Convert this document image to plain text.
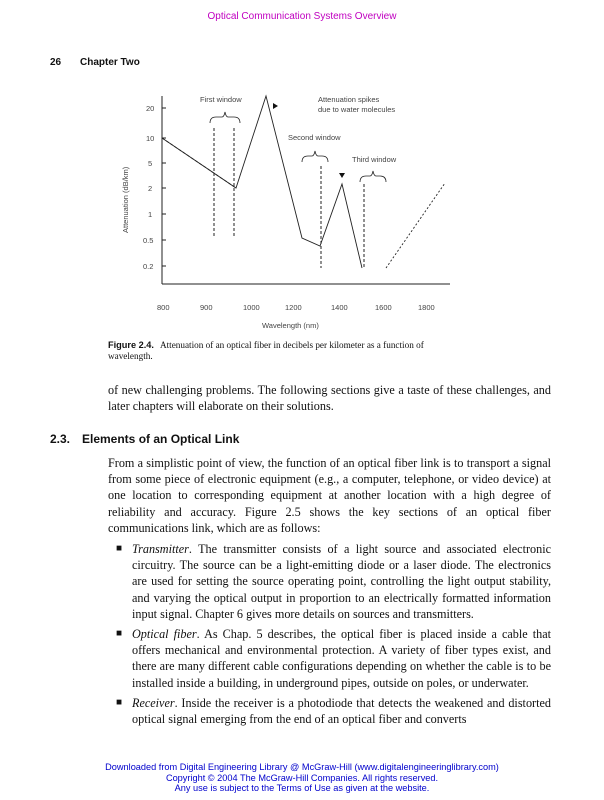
Optical Communication Systems Overview
26 Chapter Two
20
10
5
2
1
0.5
0.2
Attenuation (dB/km)
800	900	1000	1200	1400	1600	1800
Wavelength (nm)
First window	Attenuation spikes
due to water molecules
Second window
Third window
Figure 2.4. Attenuation of an optical fiber in decibels per kilometer as a function of wavelength.

of new challenging problems. The following sections give a taste of these challenges, and later chapters will elaborate on their solutions.

2.3. Elements of an Optical Link

From a simplistic point of view, the function of an optical fiber link is to transport a signal from some piece of electronic equipment (e.g., a computer, telephone, or video device) at one location to corresponding equipment at another location with a high degree of reliability and accuracy. Figure 2.5 shows the key sections of an optical fiber communications link, which are as follows:

■ Transmitter. The transmitter consists of a light source and associated electronic circuitry. The source can be a light-emitting diode or a laser diode. The electronics are used for setting the source operating point, controlling the light output stability, and varying the optical output in proportion to an electrically formatted information input signal. Chapter 6 gives more details on sources and transmitters.
■ Optical fiber. As Chap. 5 describes, the optical fiber is placed inside a cable that offers mechanical and environmental protection. A variety of fiber types exist, and there are many different cable configurations depending on whether the cable is to be installed inside a building, in underground pipes, outside on poles, or underwater.
■ Receiver. Inside the receiver is a photodiode that detects the weakened and distorted optical signal emerging from the end of an optical fiber and converts
Downloaded from Digital Engineering Library @ McGraw-Hill (www.digitalengineeringlibrary.com)
Copyright © 2004 The McGraw-Hill Companies. All rights reserved.
Any use is subject to the Terms of Use as given at the website.
